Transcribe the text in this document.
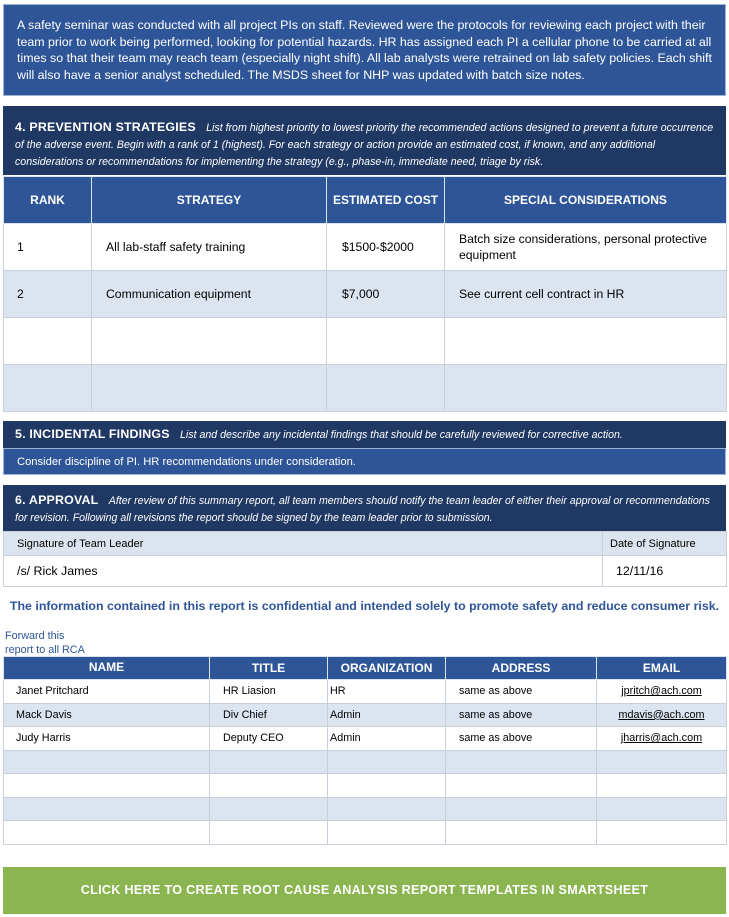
A safety seminar was conducted with all project PIs on staff. Reviewed were the protocols for reviewing each project with their team prior to work being performed, looking for potential hazards. HR has assigned each PI a cellular phone to be carried at all times so that their team may reach team (especially night shift). All lab analysts were retrained on lab safety policies. Each shift will also have a senior analyst scheduled. The MSDS sheet for NHP was updated with batch size notes.
4. PREVENTION STRATEGIES List from highest priority to lowest priority the recommended actions designed to prevent a future occurrence of the adverse event. Begin with a rank of 1 (highest). For each strategy or action provide an estimated cost, if known, and any additional considerations or recommendations for implementing the strategy (e.g., phase-in, immediate need, triage by risk.
RANK	STRATEGY	ESTIMATED COST	SPECIAL CONSIDERATIONS
1	All lab-staff safety training	$1500-$2000	Batch size considerations, personal protective equipment
2	Communication equipment	$7,000	See current cell contract in HR

5. INCIDENTAL FINDINGS List and describe any incidental findings that should be carefully reviewed for corrective action.
Consider discipline of PI. HR recommendations under consideration.
6. APPROVAL After review of this summary report, all team members should notify the team leader of either their approval or recommendations for revision. Following all revisions the report should be signed by the team leader prior to submission.
Signature of Team Leader	Date of Signature
/s/ Rick James	12/11/16
The information contained in this report is confidential and intended solely to promote safety and reduce consumer risk.
Forward this report to all RCA
NAME	TITLE	ORGANIZATION	ADDRESS	EMAIL
Janet Pritchard	HR Liasion	HR	same as above	jpritch@ach.com
Mack Davis	Div Chief	Admin	same as above	mdavis@ach.com
Judy Harris	Deputy CEO	Admin	same as above	jharris@ach.com

CLICK HERE TO CREATE ROOT CAUSE ANALYSIS REPORT TEMPLATES IN SMARTSHEET
